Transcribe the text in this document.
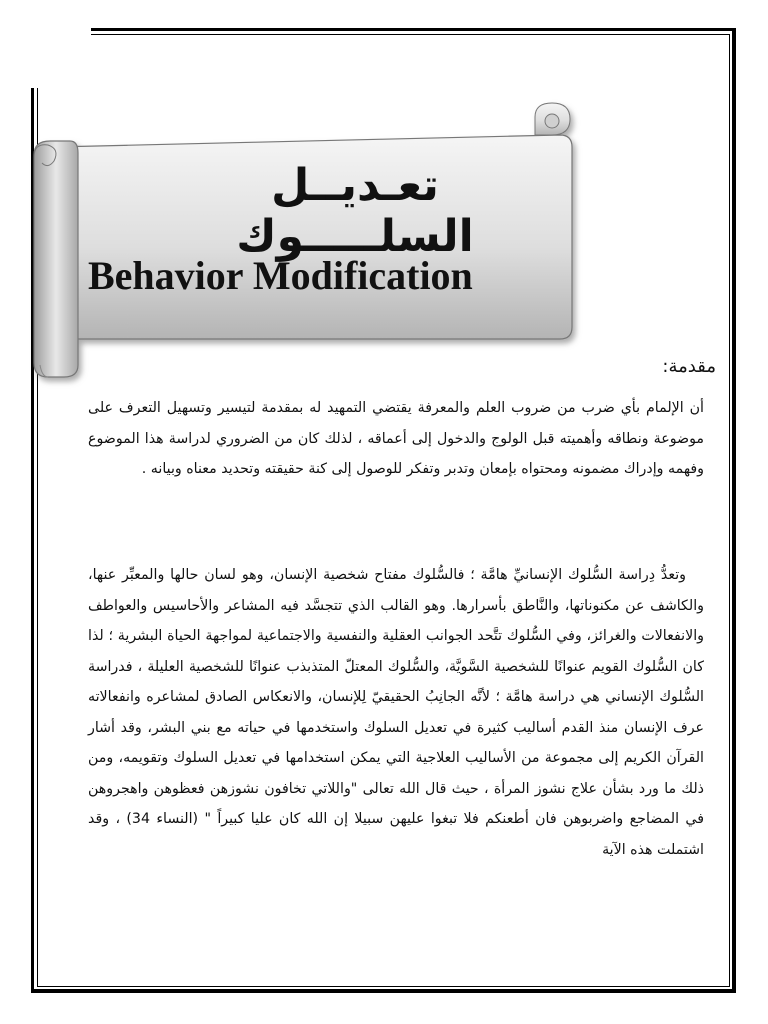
تعـديــل السلـــــوك
Behavior Modification
:مقدمة
أن الإلمام بأي ضرب من ضروب العلم والمعرفة يقتضي التمهيد له بمقدمة لتيسير وتسهيل التعرف على موضوعة ونطاقه وأهميته قبل الولوج والدخول إلى أعماقه ، لذلك كان من الضروري لدراسة هذا الموضوع وفهمه وإدراك مضمونه ومحتواه بإمعان وتدبر وتفكر للوصول إلى كنة حقيقته وتحديد معناه وبيانه .
وتعدُّ دِراسة السُّلوك الإنسانيِّ هامَّة ؛ فالسُّلوك مفتاح شخصية الإنسان، وهو لسان حالها والمعبِّر عنها، والكاشف عن مكنوناتها، والنَّاطق بأسرارها. وهو القالب الذي تتجسَّد فيه المشاعر والأحاسيس والعواطف والانفعالات والغرائز، وفي السُّلوك تتَّحد الجوانب العقلية والنفسية والاجتماعية لمواجهة الحياة البشرية ؛ لذا كان السُّلوك القويم عنوانًا للشخصية السَّويَّة، والسُّلوك المعتلّ المتذبذب عنوانًا للشخصية العليلة ، فدراسة السُّلوك الإنساني هي دراسة هامَّة ؛ لأنَّه الجانِبُ الحقيقيّ لِلإنسان، والانعكاس الصادق لمشاعره وانفعالاته عرف الإنسان منذ القدم أساليب كثيرة في تعديل السلوك واستخدمها في حياته مع بني البشر، وقد أشار القرآن الكريم إلى مجموعة من الأساليب العلاجية التي يمكن استخدامها في تعديل السلوك وتقويمه، ومن ذلك ما ورد بشأن علاج نشوز المرأة ، حيث قال الله تعالى "واللاتي تخافون نشوزهن فعظوهن واهجروهن في المضاجع واضربوهن فان أطعنكم فلا تبغوا عليهن سبيلا إن الله كان عليا كبيراً " (النساء 34) ، وقد اشتملت هذه الآية
